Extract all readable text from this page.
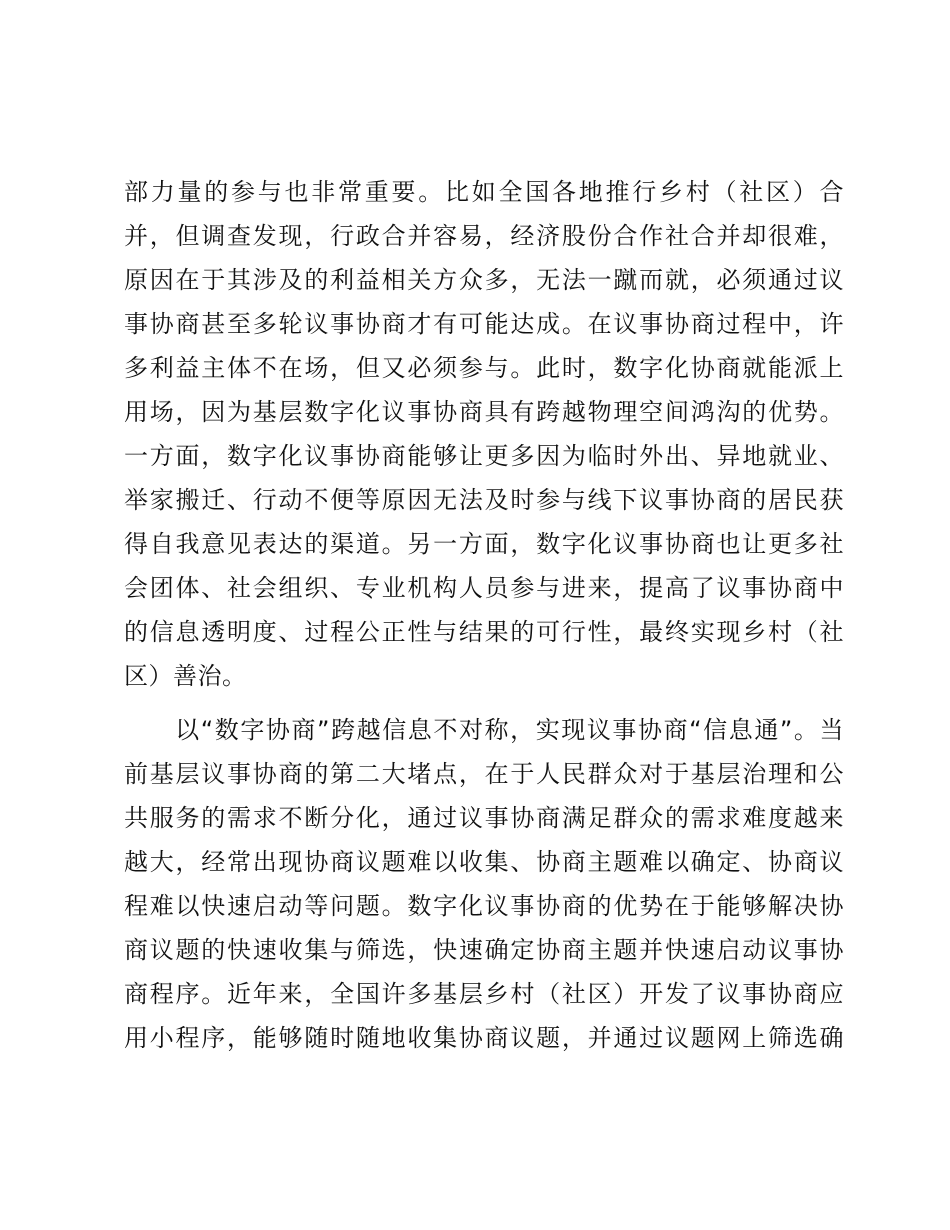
部力量的参与也非常重要。比如全国各地推行乡村（社区）合
并，但调查发现，行政合并容易，经济股份合作社合并却很难，
原因在于其涉及的利益相关方众多，无法一蹴而就，必须通过议
事协商甚至多轮议事协商才有可能达成。在议事协商过程中，许
多利益主体不在场，但又必须参与。此时，数字化协商就能派上
用场，因为基层数字化议事协商具有跨越物理空间鸿沟的优势。
一方面，数字化议事协商能够让更多因为临时外出、异地就业、
举家搬迁、行动不便等原因无法及时参与线下议事协商的居民获
得自我意见表达的渠道。另一方面，数字化议事协商也让更多社
会团体、社会组织、专业机构人员参与进来，提高了议事协商中
的信息透明度、过程公正性与结果的可行性，最终实现乡村（社
区）善治。
　　以“数字协商”跨越信息不对称，实现议事协商“信息通”。当
前基层议事协商的第二大堵点，在于人民群众对于基层治理和公
共服务的需求不断分化，通过议事协商满足群众的需求难度越来
越大，经常出现协商议题难以收集、协商主题难以确定、协商议
程难以快速启动等问题。数字化议事协商的优势在于能够解决协
商议题的快速收集与筛选，快速确定协商主题并快速启动议事协
商程序。近年来，全国许多基层乡村（社区）开发了议事协商应
用小程序，能够随时随地收集协商议题，并通过议题网上筛选确
